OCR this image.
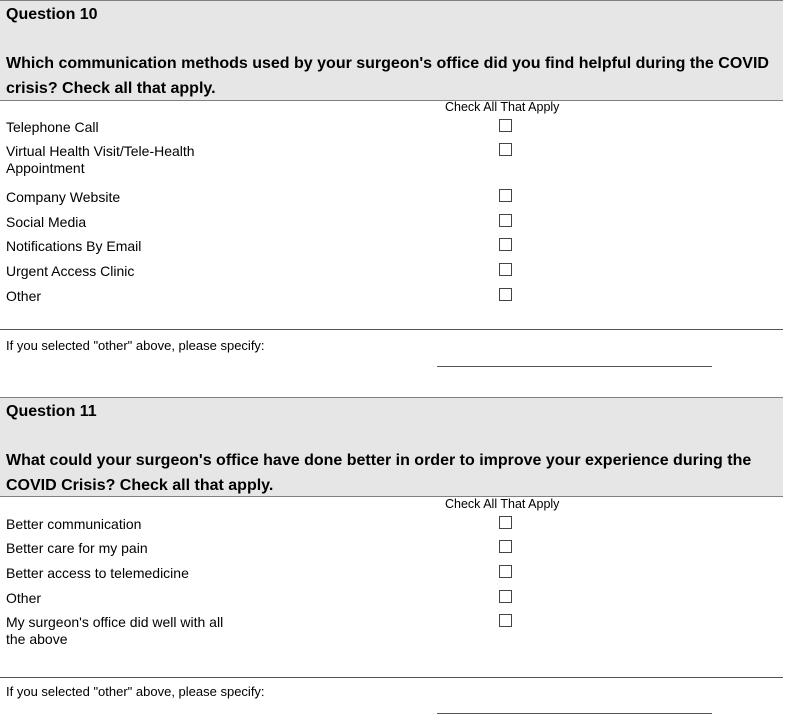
Question 10
Which communication methods used by your surgeon's office did you find helpful during the COVID crisis? Check all that apply.
Check All That Apply
Telephone Call
Virtual Health Visit/Tele-Health Appointment
Company Website
Social Media
Notifications By Email
Urgent Access Clinic
Other
If you selected "other" above, please specify:
Question 11
What could your surgeon's office have done better in order to improve your experience during the COVID Crisis? Check all that apply.
Check All That Apply
Better communication
Better care for my pain
Better access to telemedicine
Other
My surgeon's office did well with all the above
If you selected "other" above, please specify:
